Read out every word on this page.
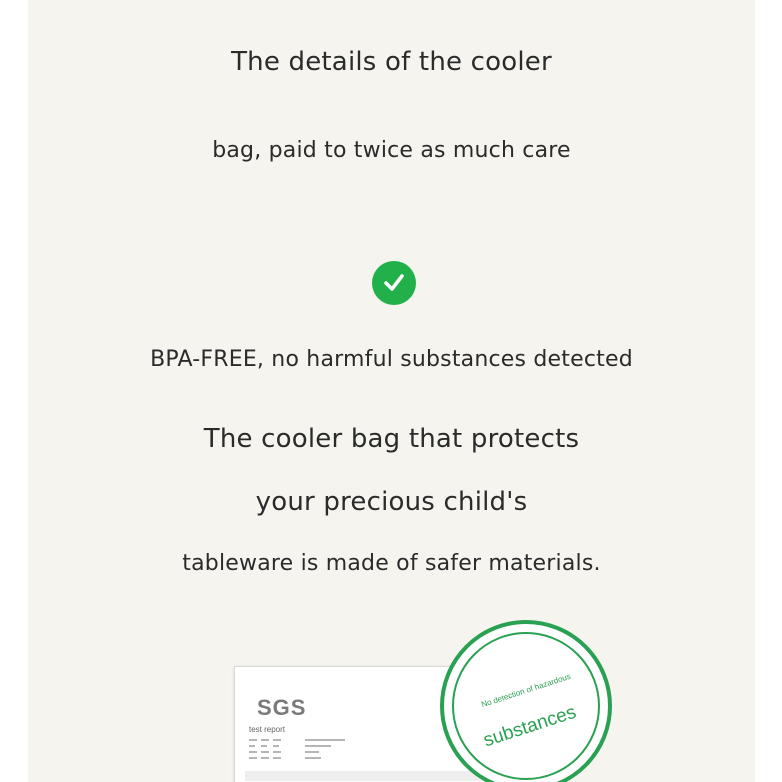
The details of the cooler
bag, paid to twice as much care
BPA-FREE, no harmful substances detected
The cooler bag that protects
your precious child's
tableware is made of safer materials.
SGS
test report
No detection of hazardous
substances
